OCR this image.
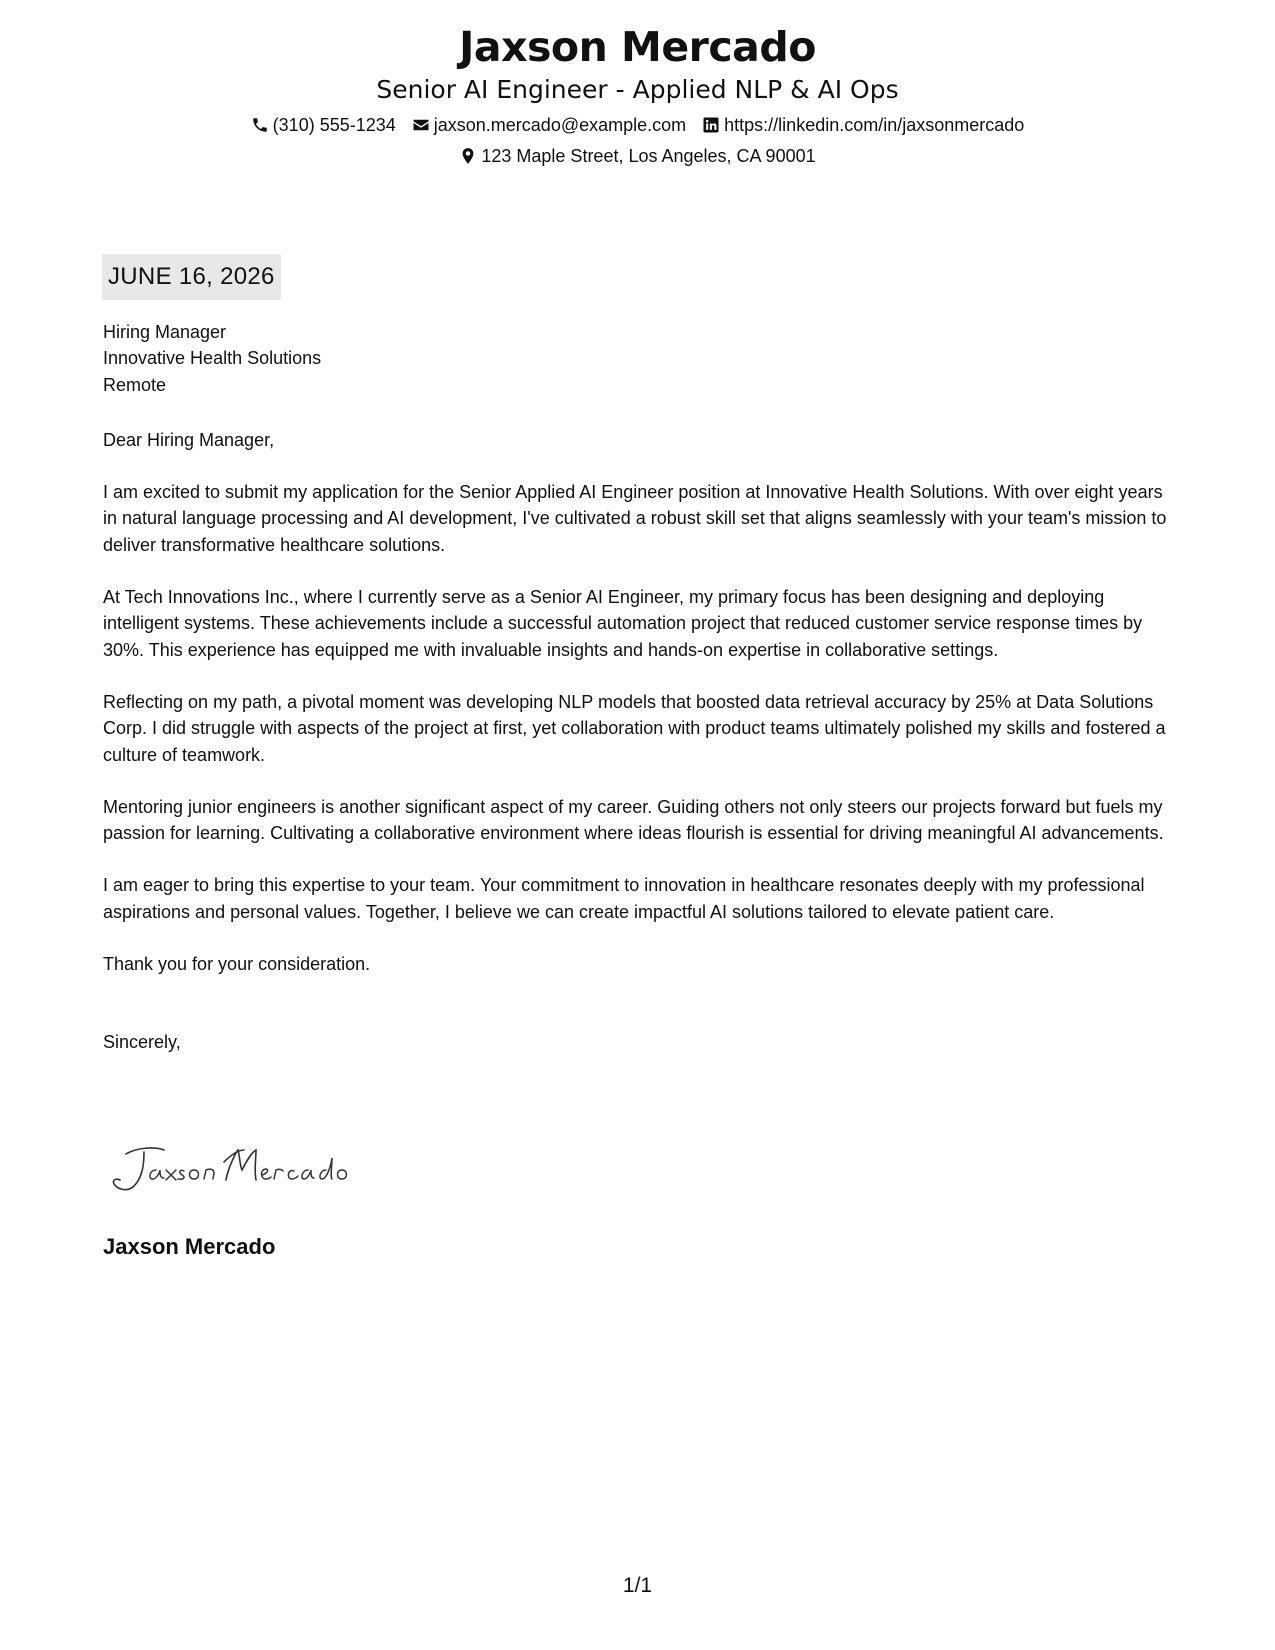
Jaxson Mercado
Senior AI Engineer - Applied NLP & AI Ops
(310) 555-1234 jaxson.mercado@example.com https://linkedin.com/in/jaxsonmercado
123 Maple Street, Los Angeles, CA 90001
JUNE 16, 2026
Hiring Manager
Innovative Health Solutions
Remote
Dear Hiring Manager,
I am excited to submit my application for the Senior Applied AI Engineer position at Innovative Health Solutions. With over eight years in natural language processing and AI development, I've cultivated a robust skill set that aligns seamlessly with your team's mission to deliver transformative healthcare solutions.
At Tech Innovations Inc., where I currently serve as a Senior AI Engineer, my primary focus has been designing and deploying intelligent systems. These achievements include a successful automation project that reduced customer service response times by 30%. This experience has equipped me with invaluable insights and hands-on expertise in collaborative settings.
Reflecting on my path, a pivotal moment was developing NLP models that boosted data retrieval accuracy by 25% at Data Solutions Corp. I did struggle with aspects of the project at first, yet collaboration with product teams ultimately polished my skills and fostered a culture of teamwork.
Mentoring junior engineers is another significant aspect of my career. Guiding others not only steers our projects forward but fuels my passion for learning. Cultivating a collaborative environment where ideas flourish is essential for driving meaningful AI advancements.
I am eager to bring this expertise to your team. Your commitment to innovation in healthcare resonates deeply with my professional aspirations and personal values. Together, I believe we can create impactful AI solutions tailored to elevate patient care.
Thank you for your consideration.
Sincerely,
Jaxson Mercado
1/1
